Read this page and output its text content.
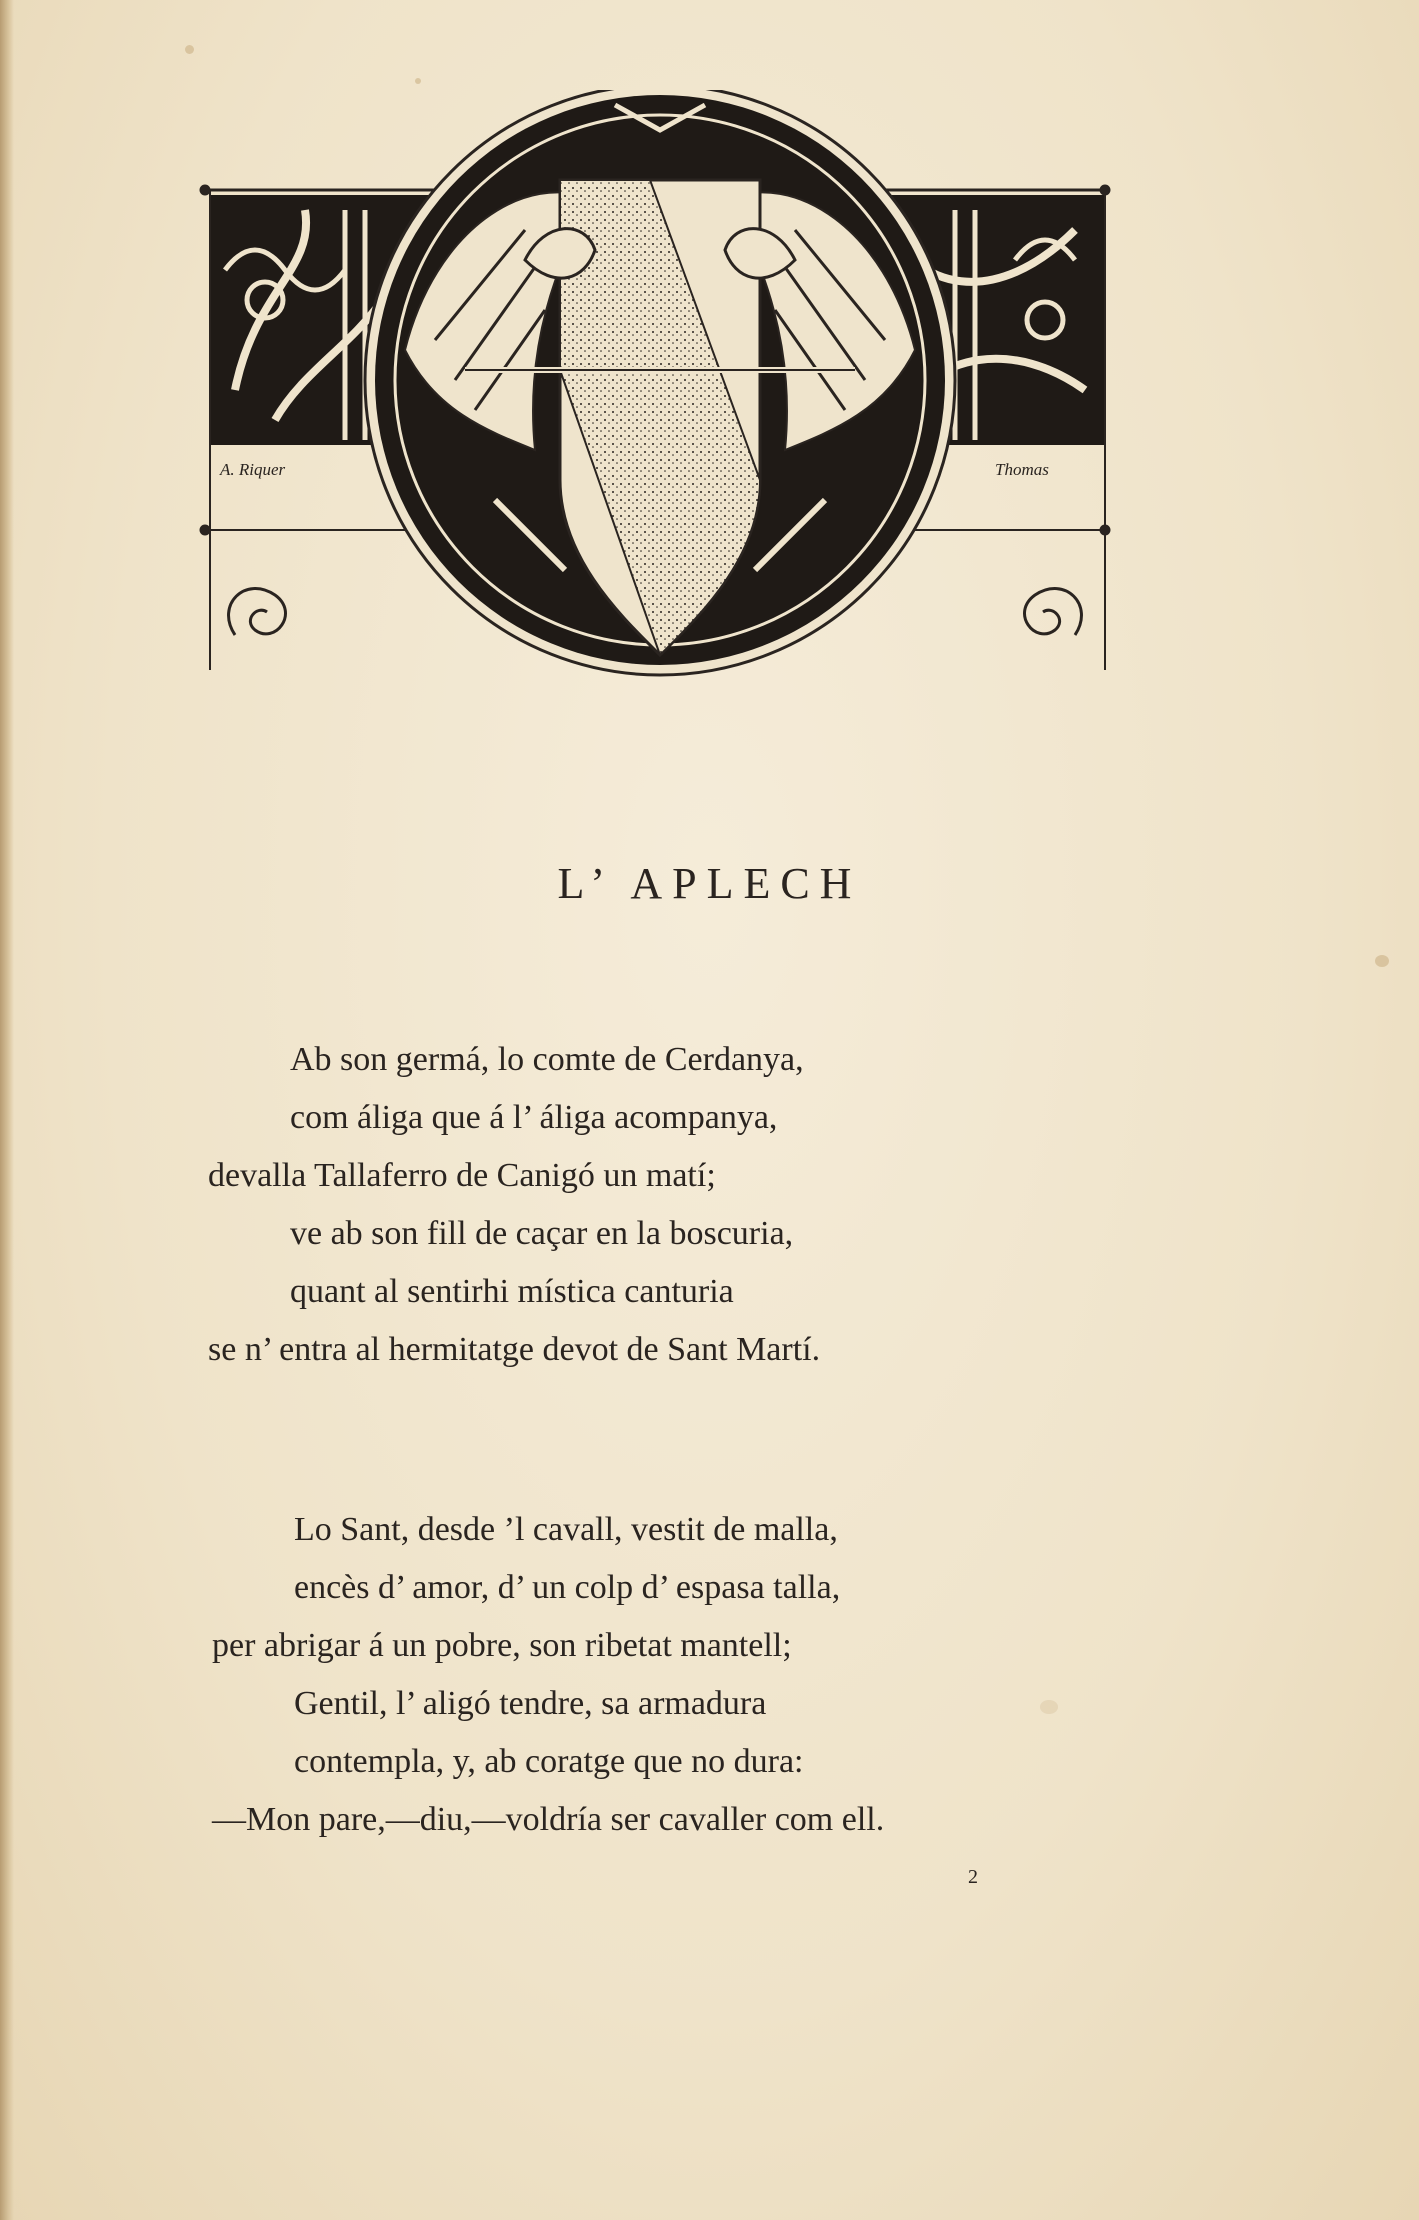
A. Riquer	Thomas
L’ APLECH
Ab son germá, lo comte de Cerdanya,
com áliga que á l’ áliga acompanya,
devalla Tallaferro de Canigó un matí;
ve ab son fill de caçar en la boscuria,
quant al sentirhi mística canturia
se n’ entra al hermitatge devot de Sant Martí.
Lo Sant, desde ’l cavall, vestit de malla,
encès d’ amor, d’ un colp d’ espasa talla,
per abrigar á un pobre, son ribetat mantell;
Gentil, l’ aligó tendre, sa armadura
contempla, y, ab coratge que no dura:
—Mon pare,—diu,—voldría ser cavaller com ell.
2
